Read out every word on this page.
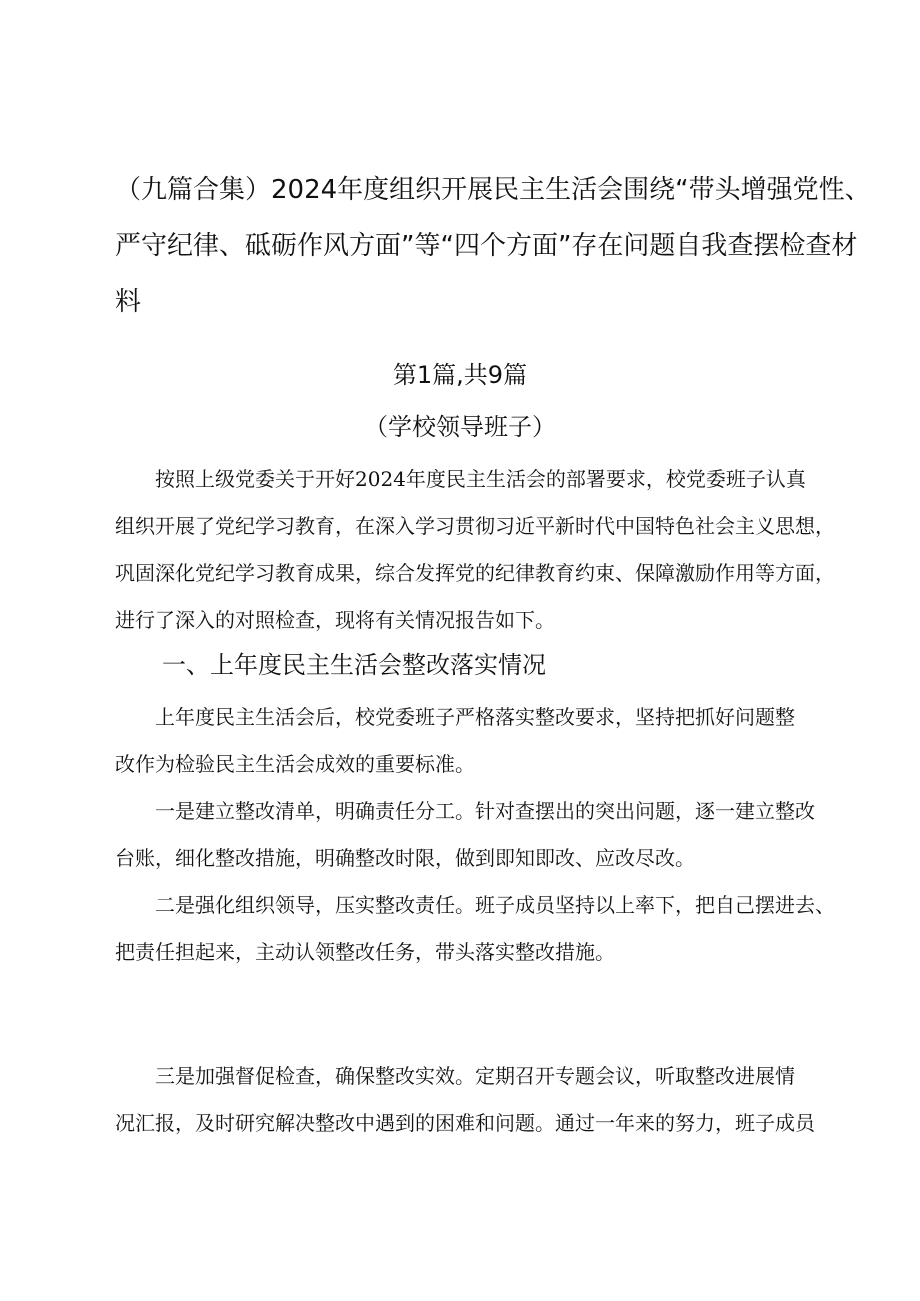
（九篇合集）2024年度组织开展民主生活会围绕“带头增强党性、
严守纪律、砥砺作风方面”等“四个方面”存在问题自我查摆检查材
料
第1篇,共9篇
（学校领导班子）
　　按照上级党委关于开好2024年度民主生活会的部署要求，校党委班子认真
组织开展了党纪学习教育，在深入学习贯彻习近平新时代中国特色社会主义思想，
巩固深化党纪学习教育成果，综合发挥党的纪律教育约束、保障激励作用等方面，
进行了深入的对照检查，现将有关情况报告如下。
一、上年度民主生活会整改落实情况
　　上年度民主生活会后，校党委班子严格落实整改要求，坚持把抓好问题整
改作为检验民主生活会成效的重要标准。
　　一是建立整改清单，明确责任分工。针对查摆出的突出问题，逐一建立整改
台账，细化整改措施，明确整改时限，做到即知即改、应改尽改。
　　二是强化组织领导，压实整改责任。班子成员坚持以上率下，把自己摆进去、
把责任担起来，主动认领整改任务，带头落实整改措施。
　　三是加强督促检查，确保整改实效。定期召开专题会议，听取整改进展情
况汇报，及时研究解决整改中遇到的困难和问题。通过一年来的努力，班子成员
